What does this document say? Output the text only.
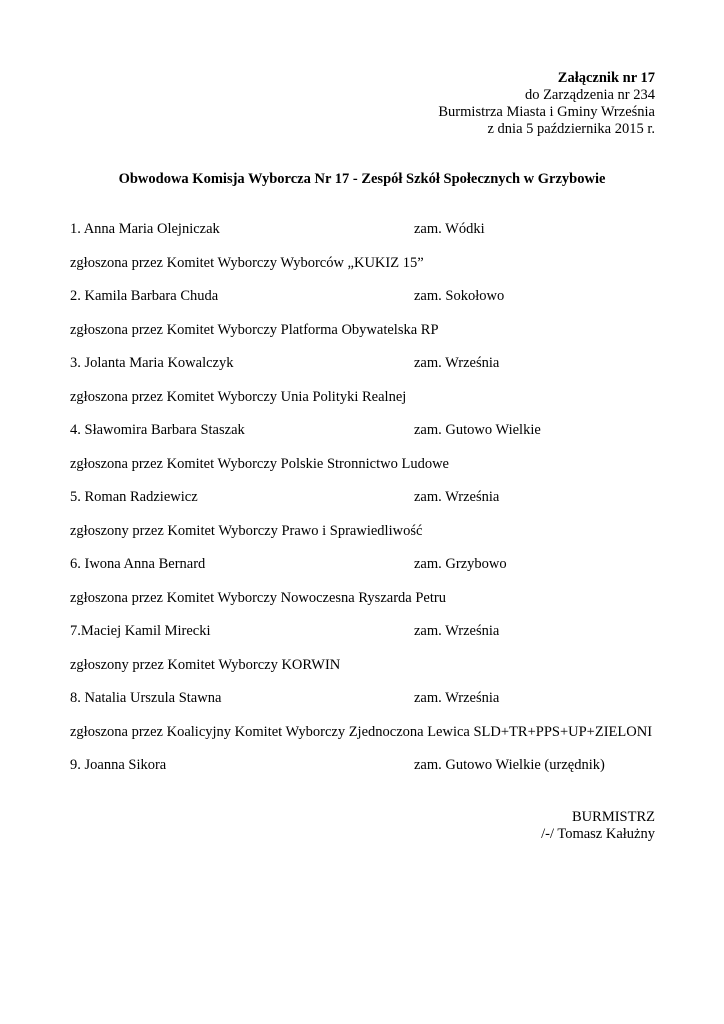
Załącznik nr 17
do Zarządzenia nr 234
Burmistrza Miasta i Gminy Września
z dnia 5 października 2015 r.
Obwodowa Komisja Wyborcza Nr 17 - Zespół Szkół Społecznych w Grzybowie
1. Anna Maria Olejniczak	zam. Wódki
zgłoszona przez Komitet Wyborczy Wyborców „KUKIZ 15”
2. Kamila Barbara Chuda	zam. Sokołowo
zgłoszona przez Komitet Wyborczy Platforma Obywatelska RP
3. Jolanta Maria Kowalczyk	zam. Września
zgłoszona przez Komitet Wyborczy Unia Polityki Realnej
4. Sławomira Barbara Staszak	zam. Gutowo Wielkie
zgłoszona przez Komitet Wyborczy Polskie Stronnictwo Ludowe
5. Roman Radziewicz	zam. Września
zgłoszony przez Komitet Wyborczy Prawo i Sprawiedliwość
6. Iwona Anna Bernard	zam. Grzybowo
zgłoszona przez Komitet Wyborczy Nowoczesna Ryszarda Petru
7.Maciej Kamil Mirecki	zam. Września
zgłoszony przez Komitet Wyborczy KORWIN
8. Natalia Urszula Stawna	zam. Września
zgłoszona przez Koalicyjny Komitet Wyborczy Zjednoczona Lewica SLD+TR+PPS+UP+ZIELONI
9. Joanna Sikora	zam. Gutowo Wielkie (urzędnik)
BURMISTRZ
/-/ Tomasz Kałużny
